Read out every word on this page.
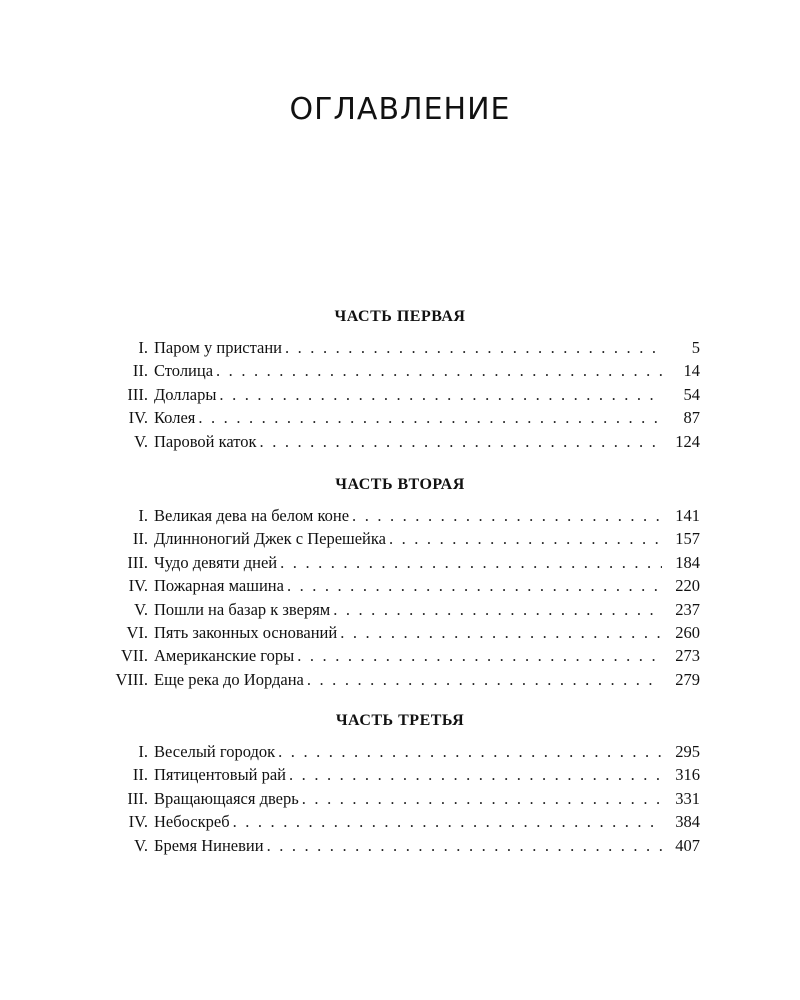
ОГЛАВЛЕНИЕ
ЧАСТЬ ПЕРВАЯ
I. Паром у пристани . . .	5
II. Столица . . .	14
III. Доллары . . .	54
IV. Колея . . .	87
V. Паровой каток . . .	124
ЧАСТЬ ВТОРАЯ
I. Великая дева на белом коне . . .	141
II. Длинноногий Джек с Перешейка . . .	157
III. Чудо девяти дней . . .	184
IV. Пожарная машина . . .	220
V. Пошли на базар к зверям . . .	237
VI. Пять законных оснований . . .	260
VII. Американские горы . . .	273
VIII. Еще река до Иордана . . .	279
ЧАСТЬ ТРЕТЬЯ
I. Веселый городок . . .	295
II. Пятицентовый рай . . .	316
III. Вращающаяся дверь . . .	331
IV. Небоскреб . . .	384
V. Бремя Ниневии . . .	407
